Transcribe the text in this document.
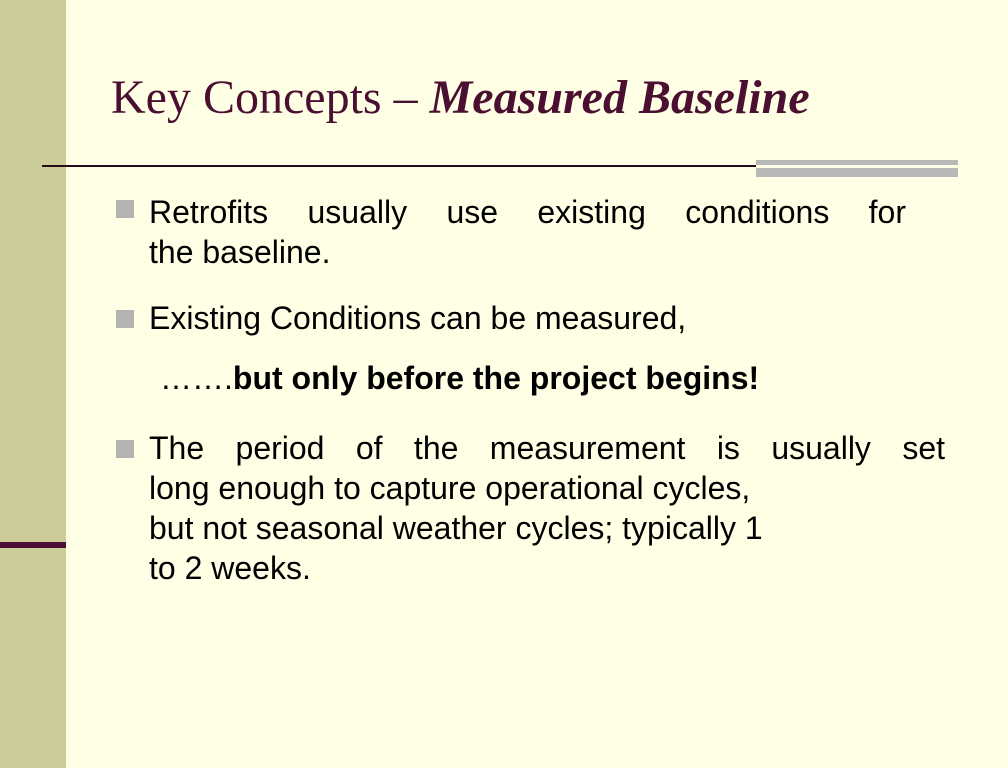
Key Concepts – Measured Baseline

Retrofits usually use existing conditions for
the baseline.

Existing Conditions can be measured,

…….but only before the project begins!

The period of the measurement is usually set
long enough to capture operational cycles,
but not seasonal weather cycles; typically 1
to 2 weeks.
